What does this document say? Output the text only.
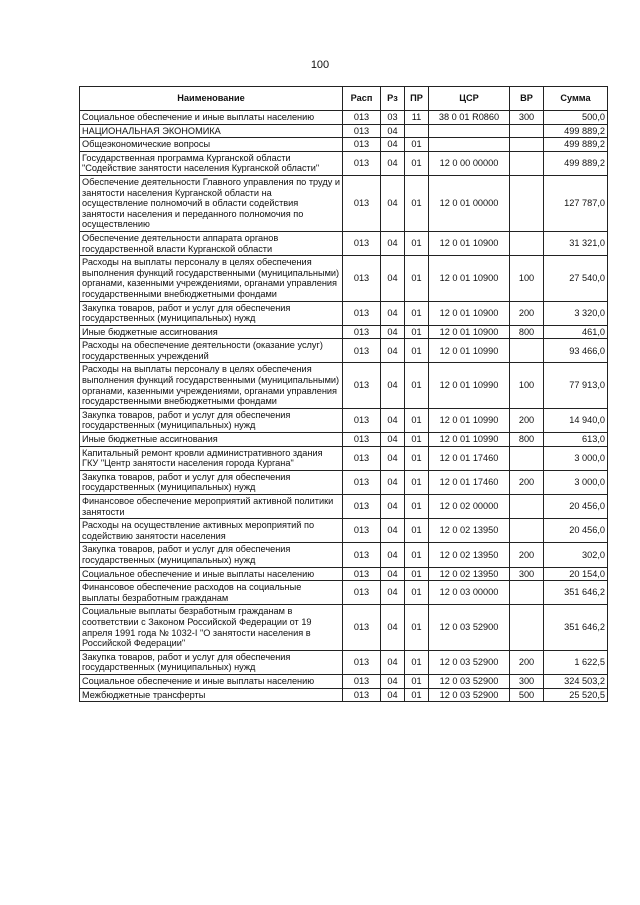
100
Наименование	Расп	Рз	ПР	ЦСР	ВР	Сумма
Социальное обеспечение и иные выплаты населению	013	03	11	38 0 01 R0860	300	500,0
НАЦИОНАЛЬНАЯ ЭКОНОМИКА	013	04				499 889,2
Общеэкономические вопросы	013	04	01			499 889,2
Государственная программа Курганской области "Содействие занятости населения Курганской области"	013	04	01	12 0 00 00000		499 889,2
Обеспечение деятельности Главного управления по труду и занятости населения Курганской области на осуществление полномочий в области содействия занятости населения и переданного полномочия по осуществлению	013	04	01	12 0 01 00000		127 787,0
Обеспечение деятельности аппарата органов государственной власти Курганской области	013	04	01	12 0 01 10900		31 321,0
Расходы на выплаты персоналу в целях обеспечения выполнения функций государственными (муниципальными) органами, казенными учреждениями, органами управления государственными внебюджетными фондами	013	04	01	12 0 01 10900	100	27 540,0
Закупка товаров, работ и услуг для обеспечения государственных (муниципальных) нужд	013	04	01	12 0 01 10900	200	3 320,0
Иные бюджетные ассигнования	013	04	01	12 0 01 10900	800	461,0
Расходы на обеспечение деятельности (оказание услуг) государственных учреждений	013	04	01	12 0 01 10990		93 466,0
Расходы на выплаты персоналу в целях обеспечения выполнения функций государственными (муниципальными) органами, казенными учреждениями, органами управления государственными внебюджетными фондами	013	04	01	12 0 01 10990	100	77 913,0
Закупка товаров, работ и услуг для обеспечения государственных (муниципальных) нужд	013	04	01	12 0 01 10990	200	14 940,0
Иные бюджетные ассигнования	013	04	01	12 0 01 10990	800	613,0
Капитальный ремонт кровли административного здания ГКУ "Центр занятости населения города Кургана"	013	04	01	12 0 01 17460		3 000,0
Закупка товаров, работ и услуг для обеспечения государственных (муниципальных) нужд	013	04	01	12 0 01 17460	200	3 000,0
Финансовое обеспечение мероприятий активной политики занятости	013	04	01	12 0 02 00000		20 456,0
Расходы на осуществление активных мероприятий по содействию занятости населения	013	04	01	12 0 02 13950		20 456,0
Закупка товаров, работ и услуг для обеспечения государственных (муниципальных) нужд	013	04	01	12 0 02 13950	200	302,0
Социальное обеспечение и иные выплаты населению	013	04	01	12 0 02 13950	300	20 154,0
Финансовое обеспечение расходов на социальные выплаты безработным гражданам	013	04	01	12 0 03 00000		351 646,2
Социальные выплаты безработным гражданам в соответствии с Законом Российской Федерации от 19 апреля 1991 года № 1032-I "О занятости населения в Российской Федерации"	013	04	01	12 0 03 52900		351 646,2
Закупка товаров, работ и услуг для обеспечения государственных (муниципальных) нужд	013	04	01	12 0 03 52900	200	1 622,5
Социальное обеспечение и иные выплаты населению	013	04	01	12 0 03 52900	300	324 503,2
Межбюджетные трансферты	013	04	01	12 0 03 52900	500	25 520,5
